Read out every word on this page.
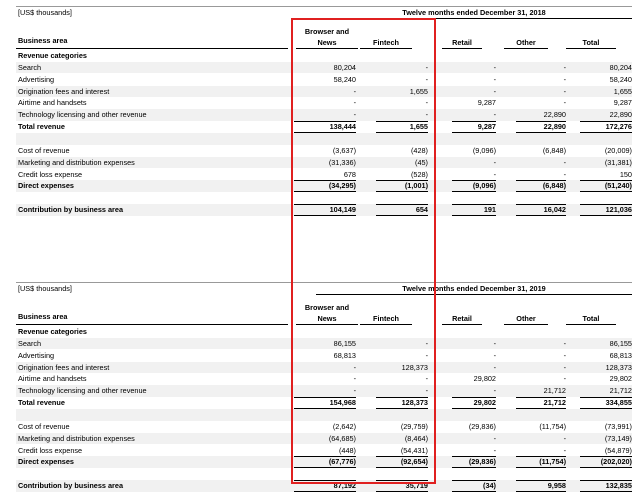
[US$ thousands]	Twelve months ended December 31, 2018
Business area
Browser and
News	Fintech	Retail	Other	Total
Revenue categories
Search	80,204	-	-	-	80,204
Advertising	58,240	-	-	-	58,240
Origination fees and interest	-	1,655	-	-	1,655
Airtime and handsets	-	-	9,287	-	9,287
Technology licensing and other revenue	-	-	-	22,890	22,890
Total revenue	138,444	1,655	9,287	22,890	172,276
Cost of revenue	(3,637)	(428)	(9,096)	(6,848)	(20,009)
Marketing and distribution expenses	(31,336)	(45)	-	-	(31,381)
Credit loss expense	678	(528)	-	-	150
Direct expenses	(34,295)	(1,001)	(9,096)	(6,848)	(51,240)
Contribution by business area	104,149	654	191	16,042	121,036
[US$ thousands]	Twelve months ended December 31, 2019
Business area
Browser and
News	Fintech	Retail	Other	Total
Revenue categories
Search	86,155	-	-	-	86,155
Advertising	68,813	-	-	-	68,813
Origination fees and interest	-	128,373	-	-	128,373
Airtime and handsets	-	-	29,802	-	29,802
Technology licensing and other revenue	-	-	-	21,712	21,712
Total revenue	154,968	128,373	29,802	21,712	334,855
Cost of revenue	(2,642)	(29,759)	(29,836)	(11,754)	(73,991)
Marketing and distribution expenses	(64,685)	(8,464)	-	-	(73,149)
Credit loss expense	(448)	(54,431)	-	-	(54,879)
Direct expenses	(67,776)	(92,654)	(29,836)	(11,754)	(202,020)
Contribution by business area	87,192	35,719	(34)	9,958	132,835
